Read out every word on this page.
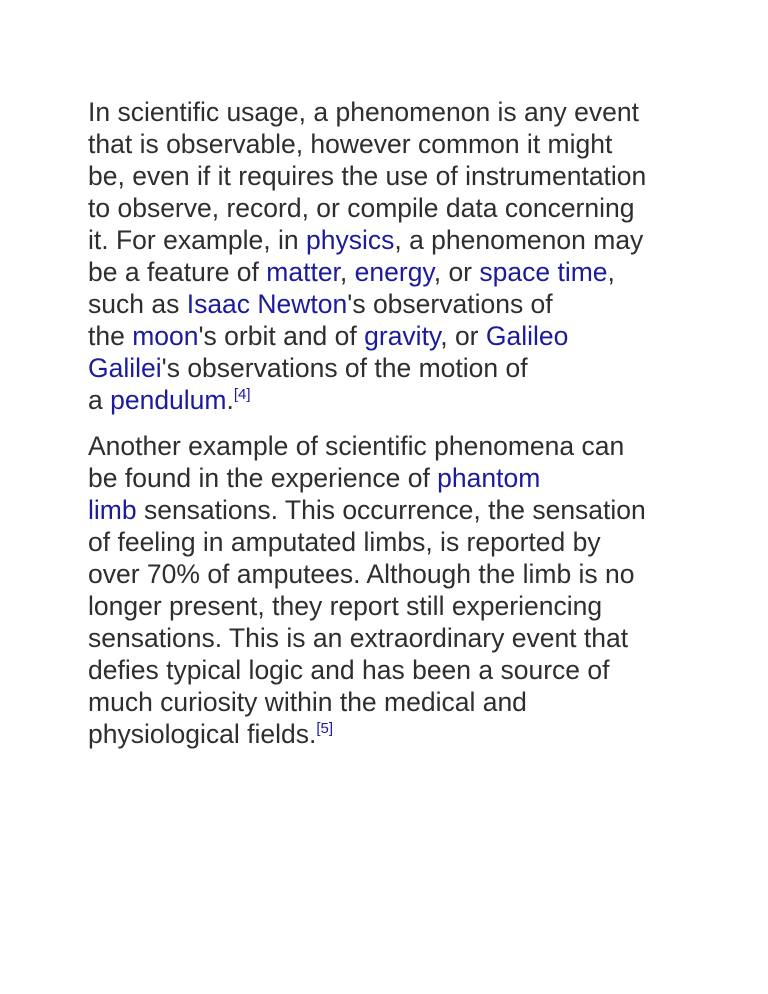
In scientific usage, a phenomenon is any event
that is observable, however common it might
be, even if it requires the use of instrumentation
to observe, record, or compile data concerning
it. For example, in physics, a phenomenon may
be a feature of matter, energy, or space time,
such as Isaac Newton's observations of
the moon's orbit and of gravity, or Galileo
Galilei's observations of the motion of
a pendulum.[4]

Another example of scientific phenomena can
be found in the experience of phantom
limb sensations. This occurrence, the sensation
of feeling in amputated limbs, is reported by
over 70% of amputees. Although the limb is no
longer present, they report still experiencing
sensations. This is an extraordinary event that
defies typical logic and has been a source of
much curiosity within the medical and
physiological fields.[5]
